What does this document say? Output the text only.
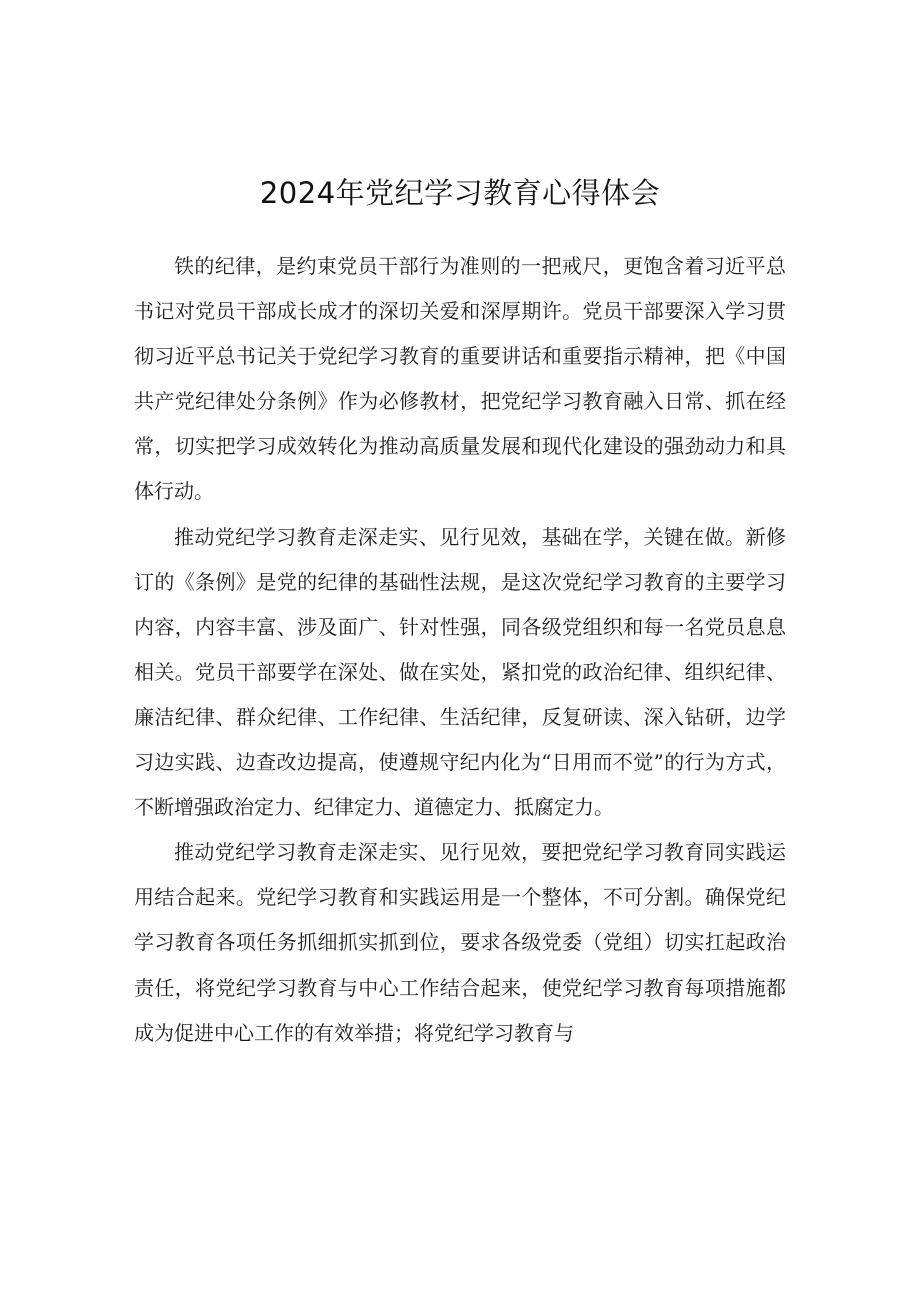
2024年党纪学习教育心得体会

铁的纪律，是约束党员干部行为准则的一把戒尺，更饱含着习近平总书记对党员干部成长成才的深切关爱和深厚期许。党员干部要深入学习贯彻习近平总书记关于党纪学习教育的重要讲话和重要指示精神，把《中国共产党纪律处分条例》作为必修教材，把党纪学习教育融入日常、抓在经常，切实把学习成效转化为推动高质量发展和现代化建设的强劲动力和具体行动。

推动党纪学习教育走深走实、见行见效，基础在学，关键在做。新修订的《条例》是党的纪律的基础性法规，是这次党纪学习教育的主要学习内容，内容丰富、涉及面广、针对性强，同各级党组织和每一名党员息息相关。党员干部要学在深处、做在实处，紧扣党的政治纪律、组织纪律、廉洁纪律、群众纪律、工作纪律、生活纪律，反复研读、深入钻研，边学习边实践、边查改边提高，使遵规守纪内化为“日用而不觉”的行为方式，不断增强政治定力、纪律定力、道德定力、抵腐定力。

推动党纪学习教育走深走实、见行见效，要把党纪学习教育同实践运用结合起来。党纪学习教育和实践运用是一个整体，不可分割。确保党纪学习教育各项任务抓细抓实抓到位，要求各级党委（党组）切实扛起政治责任，将党纪学习教育与中心工作结合起来，使党纪学习教育每项措施都成为促进中心工作的有效举措；将党纪学习教育与
